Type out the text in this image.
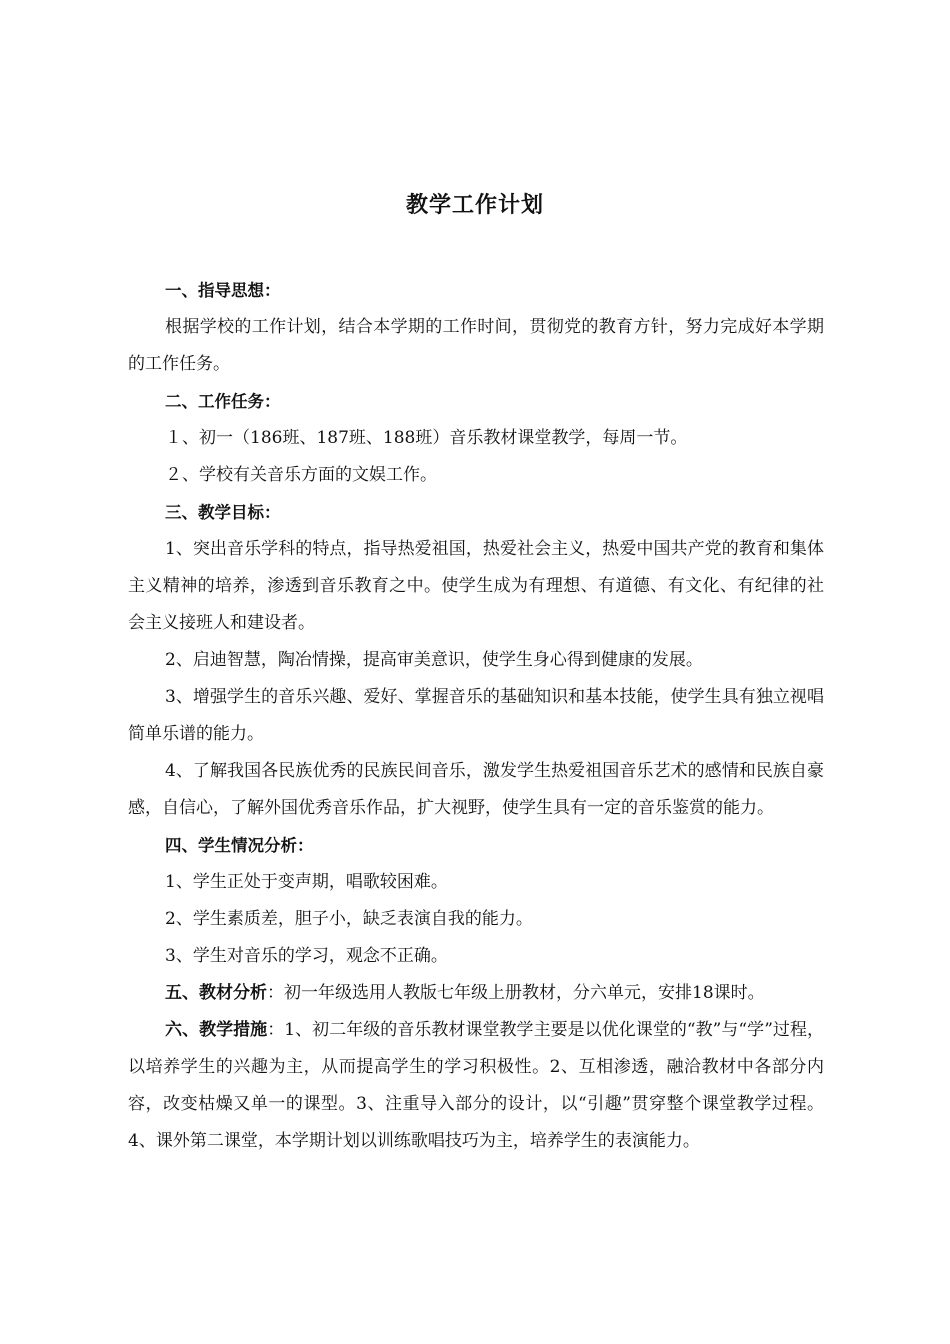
教学工作计划

一、指导思想：

根据学校的工作计划，结合本学期的工作时间，贯彻党的教育方针，努力完成好本学期的工作任务。

二、工作任务：

１、初一（186班、187班、188班）音乐教材课堂教学，每周一节。

２、学校有关音乐方面的文娱工作。

三、教学目标：

1、突出音乐学科的特点，指导热爱祖国，热爱社会主义，热爱中国共产党的教育和集体主义精神的培养，渗透到音乐教育之中。使学生成为有理想、有道德、有文化、有纪律的社会主义接班人和建设者。

2、启迪智慧，陶冶情操，提高审美意识，使学生身心得到健康的发展。

3、增强学生的音乐兴趣、爱好、掌握音乐的基础知识和基本技能，使学生具有独立视唱简单乐谱的能力。

4、了解我国各民族优秀的民族民间音乐，激发学生热爱祖国音乐艺术的感情和民族自豪感，自信心，了解外国优秀音乐作品，扩大视野，使学生具有一定的音乐鉴赏的能力。

四、学生情况分析：

1、学生正处于变声期，唱歌较困难。

2、学生素质差，胆子小，缺乏表演自我的能力。

3、学生对音乐的学习，观念不正确。

五、教材分析：初一年级选用人教版七年级上册教材，分六单元，安排18课时。

六、教学措施：1、初二年级的音乐教材课堂教学主要是以优化课堂的“教”与“学”过程，以培养学生的兴趣为主，从而提高学生的学习积极性。2、互相渗透，融洽教材中各部分内容，改变枯燥又单一的课型。3、注重导入部分的设计，以“引趣”贯穿整个课堂教学过程。4、课外第二课堂，本学期计划以训练歌唱技巧为主，培养学生的表演能力。
